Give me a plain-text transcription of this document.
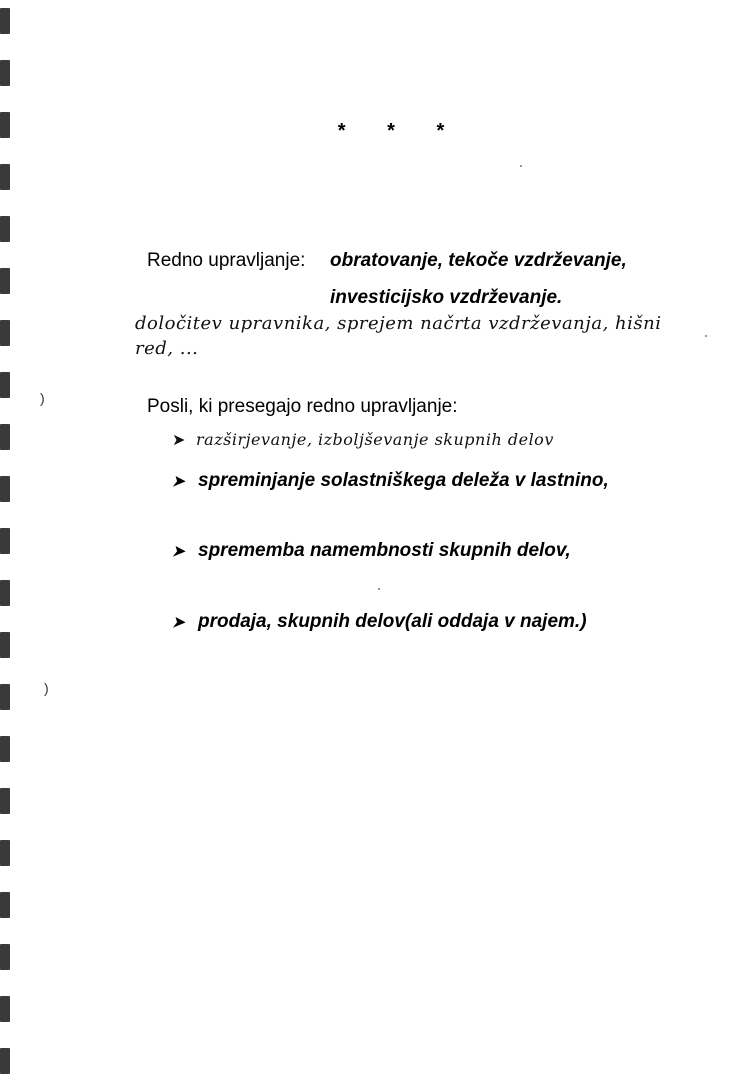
* * *
Redno upravljanje: obratovanje, tekoče vzdrževanje,
investicijsko vzdrževanje.
določitev upravnika, sprejem načrta vzdrževanja, hišni
red, ...
)	Posli, ki presegajo redno upravljanje:
➤ razširjevanje, izboljševanje skupnih delov
➤ spreminjanje solastniškega deleža v lastnino,
➤ sprememba namembnosti skupnih delov,
➤ prodaja, skupnih delov(ali oddaja v najem.)
)
